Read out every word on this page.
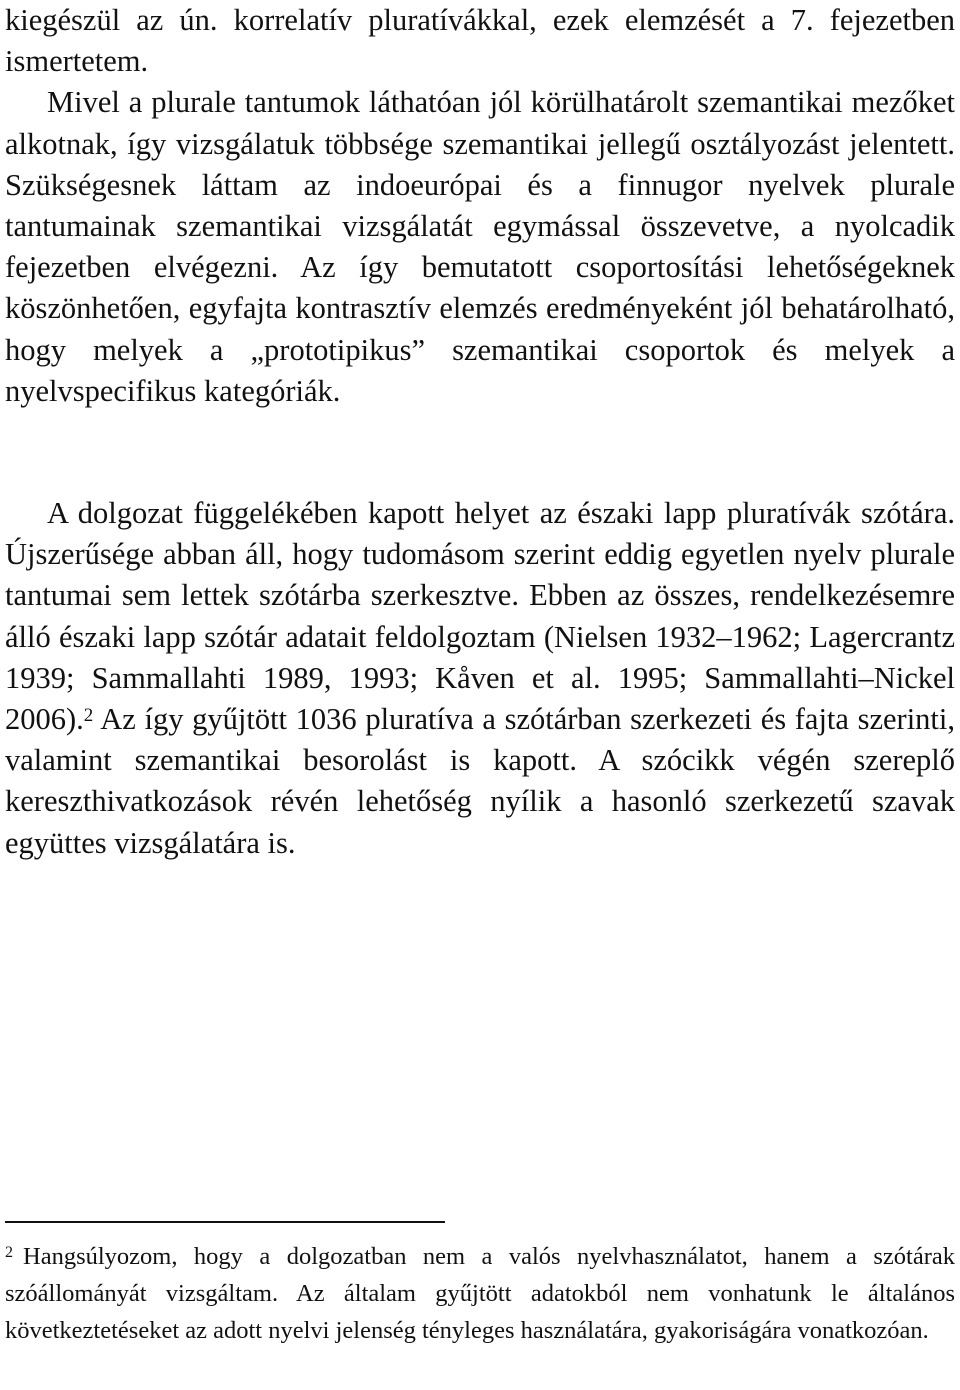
kiegészül az ún. korrelatív pluratívákkal, ezek elemzését a 7. fejezetben ismertetem.

Mivel a plurale tantumok láthatóan jól körülhatárolt szemantikai mezőket alkotnak, így vizsgálatuk többsége szemantikai jellegű osztályozást jelentett. Szükségesnek láttam az indoeurópai és a finnugor nyelvek plurale tantumainak szemantikai vizsgálatát egymással összevetve, a nyolcadik fejezetben elvégezni. Az így bemutatott csoportosítási lehetőségeknek köszönhetően, egyfajta kontrasztív elemzés eredményeként jól behatárolható, hogy melyek a „prototipikus” szemantikai csoportok és melyek a nyelvspecifikus kategóriák.

A dolgozat függelékében kapott helyet az északi lapp pluratívák szótára. Újszerűsége abban áll, hogy tudomásom szerint eddig egyetlen nyelv plurale tantumai sem lettek szótárba szerkesztve. Ebben az összes, rendelkezésemre álló északi lapp szótár adatait feldolgoztam (Nielsen 1932–1962; Lagercrantz 1939; Sammallahti 1989, 1993; Kåven et al. 1995; Sammallahti–Nickel 2006).$^2$ Az így gyűjtött 1036 pluratíva a szótárban szerkezeti és fajta szerinti, valamint szemantikai besorolást is kapott. A szócikk végén szereplő kereszthivatkozások révén lehetőség nyílik a hasonló szerkezetű szavak együttes vizsgálatára is.

$^2$ Hangsúlyozom, hogy a dolgozatban nem a valós nyelvhasználatot, hanem a szótárak szóállományát vizsgáltam. Az általam gyűjtött adatokból nem vonhatunk le általános következtetéseket az adott nyelvi jelenség tényleges használatára, gyakoriságára vonatkozóan.
